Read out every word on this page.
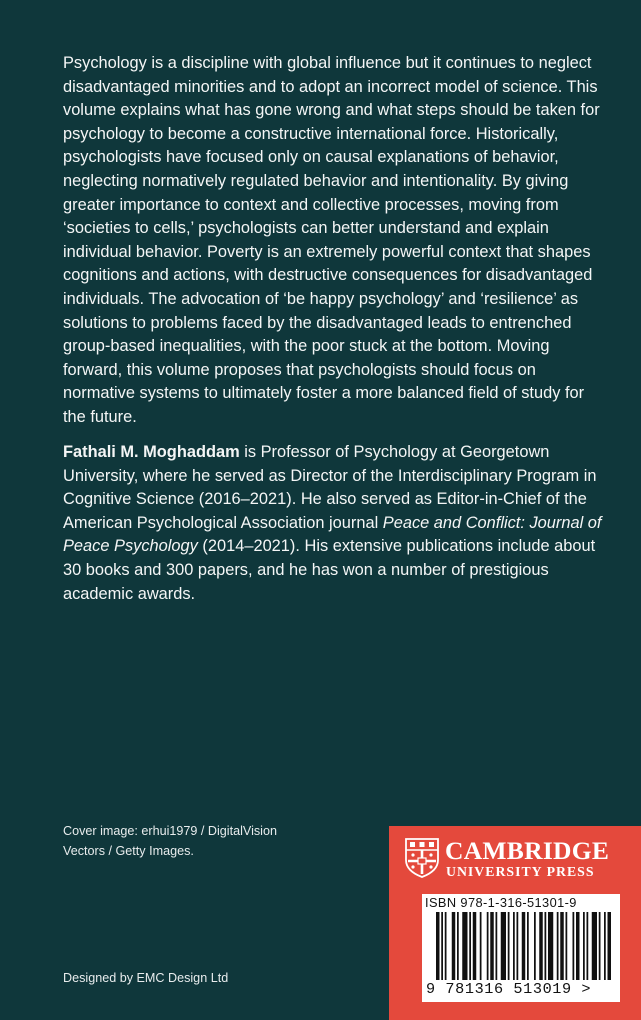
Psychology is a discipline with global influence but it continues to neglect disadvantaged minorities and to adopt an incorrect model of science. This volume explains what has gone wrong and what steps should be taken for psychology to become a constructive international force. Historically, psychologists have focused only on causal explanations of behavior, neglecting normatively regulated behavior and intentionality. By giving greater importance to context and collective processes, moving from ‘societies to cells,’ psychologists can better understand and explain individual behavior. Poverty is an extremely powerful context that shapes cognitions and actions, with destructive consequences for disadvantaged individuals. The advocation of ‘be happy psychology’ and ‘resilience’ as solutions to problems faced by the disadvantaged leads to entrenched group-based inequalities, with the poor stuck at the bottom. Moving forward, this volume proposes that psychologists should focus on normative systems to ultimately foster a more balanced field of study for the future.

Fathali M. Moghaddam is Professor of Psychology at Georgetown University, where he served as Director of the Interdisciplinary Program in Cognitive Science (2016–2021). He also served as Editor-in-Chief of the American Psychological Association journal Peace and Conflict: Journal of Peace Psychology (2014–2021). His extensive publications include about 30 books and 300 papers, and he has won a number of prestigious academic awards.

Cover image: erhui1979 / DigitalVision
Vectors / Getty Images.
Designed by EMC Design Ltd
CAMBRIDGE
UNIVERSITY PRESS
9 781316 513019 >
ISBN 978-1-316-51301-9
